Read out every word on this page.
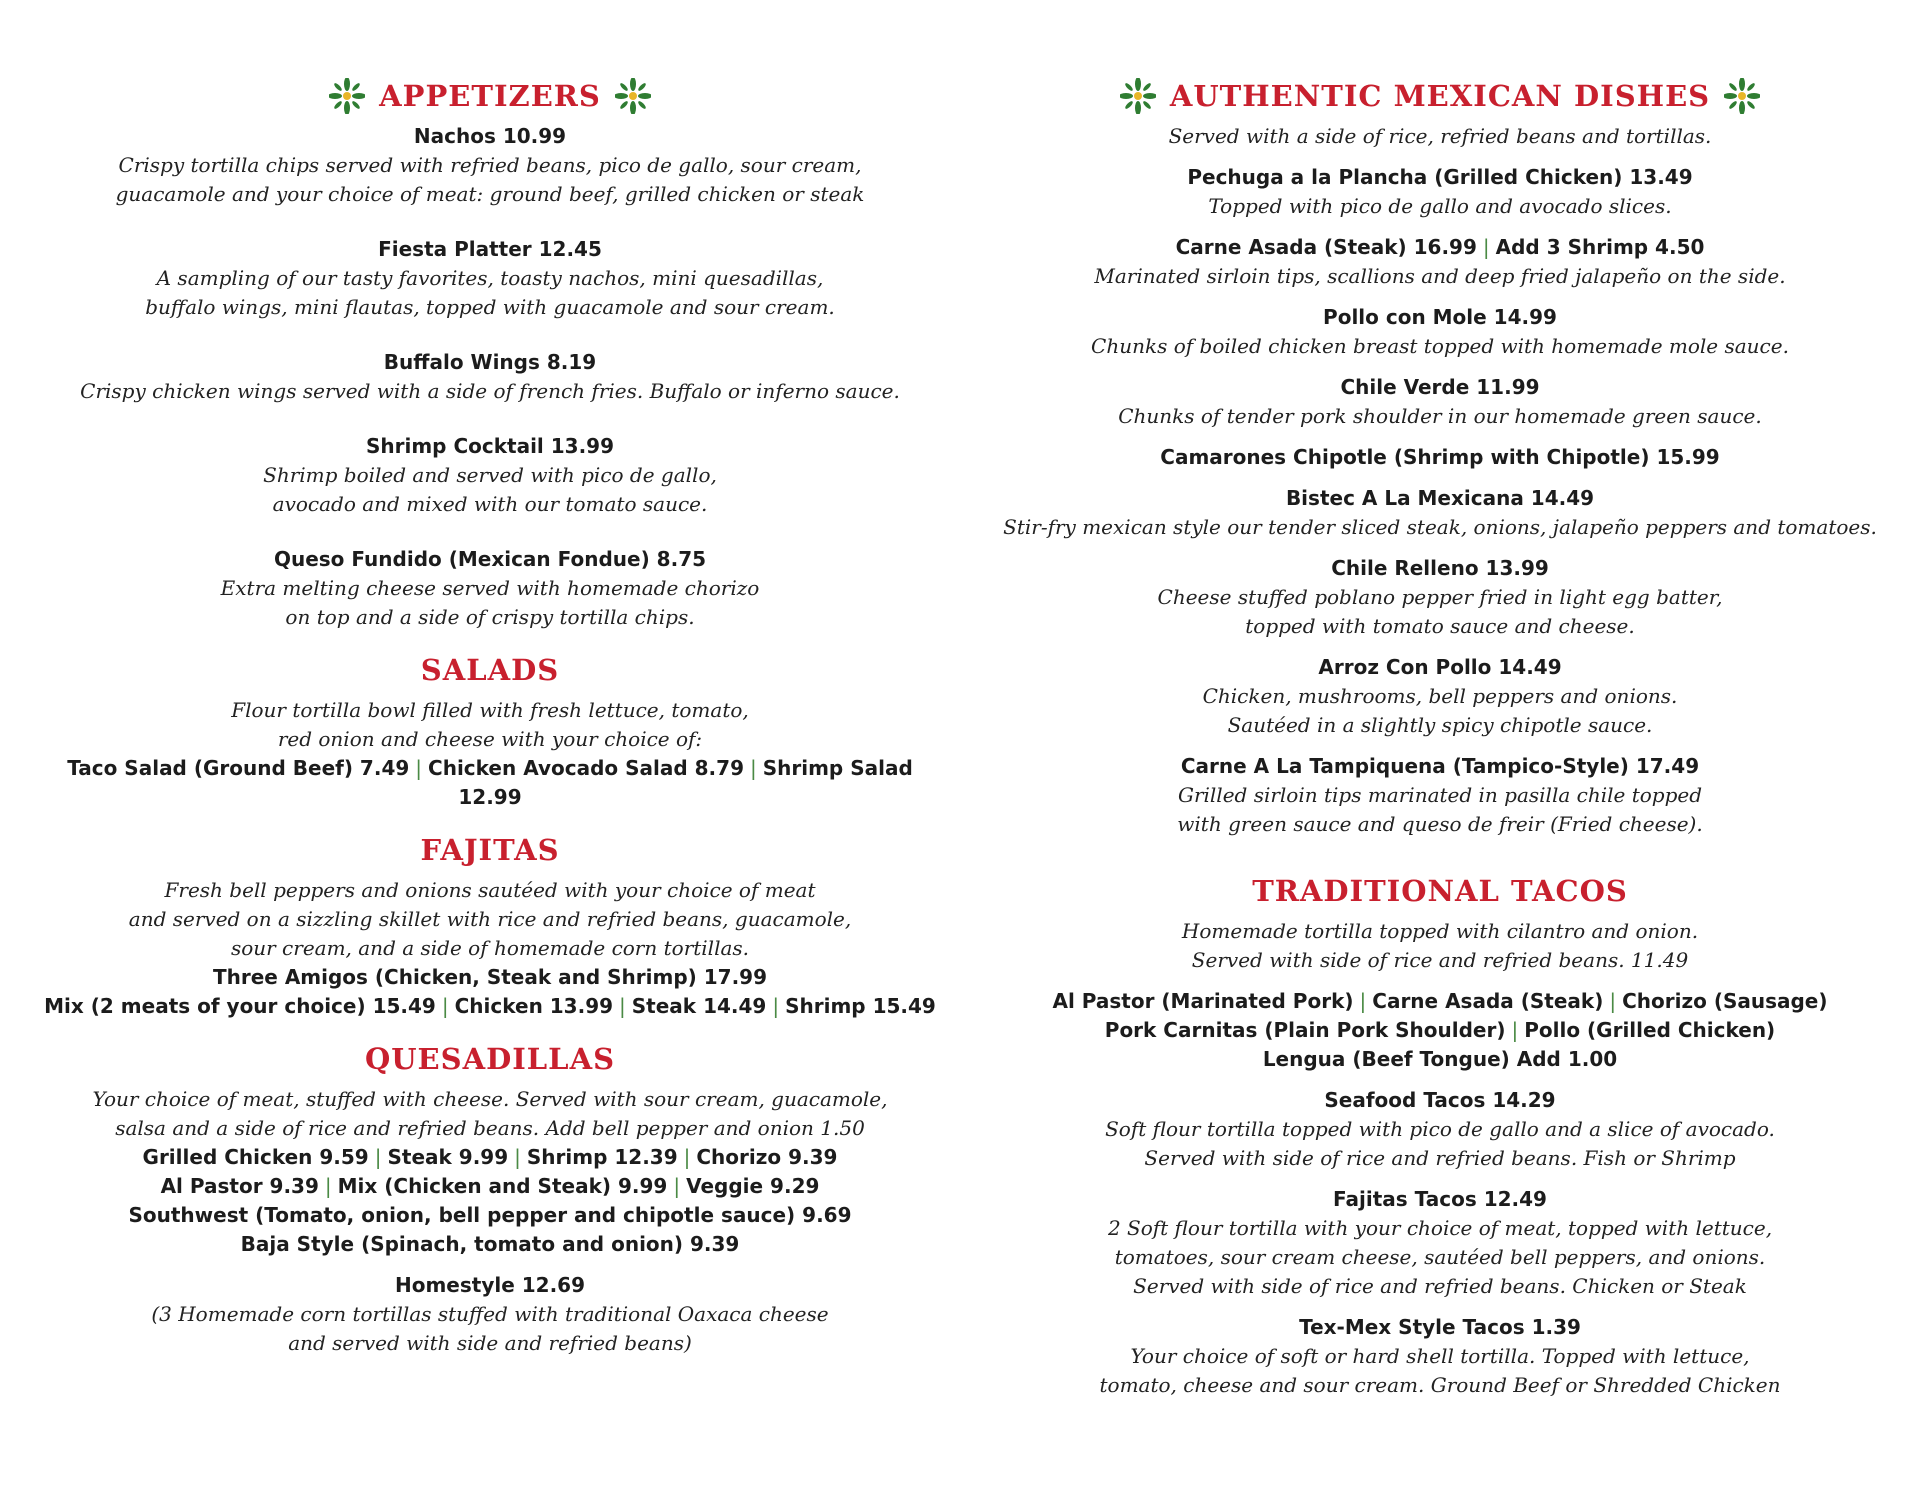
APPETIZERS
Nachos 10.99
Crispy tortilla chips served with refried beans, pico de gallo, sour cream,
guacamole and your choice of meat: ground beef, grilled chicken or steak
Fiesta Platter 12.45
A sampling of our tasty favorites, toasty nachos, mini quesadillas,
buffalo wings, mini flautas, topped with guacamole and sour cream.
Buffalo Wings 8.19
Crispy chicken wings served with a side of french fries. Buffalo or inferno sauce.
Shrimp Cocktail 13.99
Shrimp boiled and served with pico de gallo,
avocado and mixed with our tomato sauce.
Queso Fundido (Mexican Fondue) 8.75
Extra melting cheese served with homemade chorizo
on top and a side of crispy tortilla chips.
SALADS
Flour tortilla bowl filled with fresh lettuce, tomato,
red onion and cheese with your choice of:
Taco Salad (Ground Beef) 7.49 | Chicken Avocado Salad 8.79 | Shrimp Salad 12.99
FAJITAS
Fresh bell peppers and onions sautéed with your choice of meat
and served on a sizzling skillet with rice and refried beans, guacamole,
sour cream, and a side of homemade corn tortillas.
Three Amigos (Chicken, Steak and Shrimp) 17.99
Mix (2 meats of your choice) 15.49 | Chicken 13.99 | Steak 14.49 | Shrimp 15.49
QUESADILLAS
Your choice of meat, stuffed with cheese. Served with sour cream, guacamole,
salsa and a side of rice and refried beans. Add bell pepper and onion 1.50
Grilled Chicken 9.59 | Steak 9.99 | Shrimp 12.39 | Chorizo 9.39
Al Pastor 9.39 | Mix (Chicken and Steak) 9.99 | Veggie 9.29
Southwest (Tomato, onion, bell pepper and chipotle sauce) 9.69
Baja Style (Spinach, tomato and onion) 9.39
Homestyle 12.69
(3 Homemade corn tortillas stuffed with traditional Oaxaca cheese
and served with side and refried beans)
AUTHENTIC MEXICAN DISHES
Served with a side of rice, refried beans and tortillas.
Pechuga a la Plancha (Grilled Chicken) 13.49
Topped with pico de gallo and avocado slices.
Carne Asada (Steak) 16.99 | Add 3 Shrimp 4.50
Marinated sirloin tips, scallions and deep fried jalapeño on the side.
Pollo con Mole 14.99
Chunks of boiled chicken breast topped with homemade mole sauce.
Chile Verde 11.99
Chunks of tender pork shoulder in our homemade green sauce.
Camarones Chipotle (Shrimp with Chipotle) 15.99
Bistec A La Mexicana 14.49
Stir-fry mexican style our tender sliced steak, onions, jalapeño peppers and tomatoes.
Chile Relleno 13.99
Cheese stuffed poblano pepper fried in light egg batter,
topped with tomato sauce and cheese.
Arroz Con Pollo 14.49
Chicken, mushrooms, bell peppers and onions.
Sautéed in a slightly spicy chipotle sauce.
Carne A La Tampiquena (Tampico-Style) 17.49
Grilled sirloin tips marinated in pasilla chile topped
with green sauce and queso de freir (Fried cheese).
TRADITIONAL TACOS
Homemade tortilla topped with cilantro and onion.
Served with side of rice and refried beans. 11.49
Al Pastor (Marinated Pork) | Carne Asada (Steak) | Chorizo (Sausage)
Pork Carnitas (Plain Pork Shoulder) | Pollo (Grilled Chicken)
Lengua (Beef Tongue) Add 1.00
Seafood Tacos 14.29
Soft flour tortilla topped with pico de gallo and a slice of avocado.
Served with side of rice and refried beans. Fish or Shrimp
Fajitas Tacos 12.49
2 Soft flour tortilla with your choice of meat, topped with lettuce,
tomatoes, sour cream cheese, sautéed bell peppers, and onions.
Served with side of rice and refried beans. Chicken or Steak
Tex-Mex Style Tacos 1.39
Your choice of soft or hard shell tortilla. Topped with lettuce,
tomato, cheese and sour cream. Ground Beef or Shredded Chicken
